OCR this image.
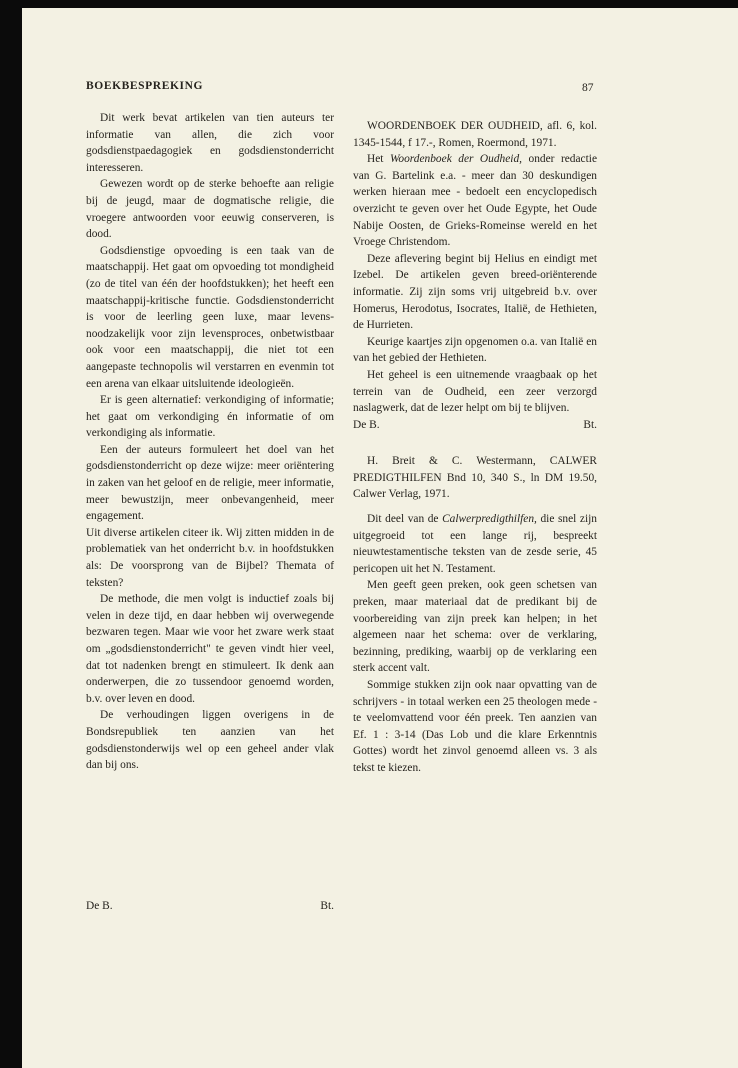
BOEKBESPREKING	87

Dit werk bevat artikelen van tien auteurs ter informatie van allen, die zich voor godsdienstpaedagogiek en godsdienstonderricht interesseren.

Gewezen wordt op de sterke behoefte aan religie bij de jeugd, maar de dogmatische religie, die vroegere antwoorden voor eeuwig conserveren, is dood.

Godsdienstige opvoeding is een taak van de maatschappij. Het gaat om opvoeding tot mondigheid (zo de titel van één der hoofdstukken); het heeft een maatschappij-kritische functie. Godsdienstonderricht is voor de leerling geen luxe, maar levensnoodzakelijk voor zijn levensproces, onbetwistbaar ook voor een maatschappij, die niet tot een aangepaste technopolis wil verstarren en evenmin tot een arena van elkaar uitsluitende ideologieën.

Er is geen alternatief: verkondiging of informatie; het gaat om verkondiging én informatie of om verkondiging als informatie.

Een der auteurs formuleert het doel van het godsdienstonderricht op deze wijze: meer oriëntering in zaken van het geloof en de religie, meer informatie, meer bewustzijn, meer onbevangenheid, meer engagement.

Uit diverse artikelen citeer ik. Wij zitten midden in de problematiek van het onderricht b.v. in hoofdstukken als: De voorsprong van de Bijbel? Themata of teksten?

De methode, die men volgt is inductief zoals bij velen in deze tijd, en daar hebben wij overwegende bezwaren tegen. Maar wie voor het zware werk staat om „godsdienstonderricht" te geven vindt hier veel, dat tot nadenken brengt en stimuleert. Ik denk aan onderwerpen, die zo tussendoor genoemd worden, b.v. over leven en dood.

De verhoudingen liggen overigens in de Bondsrepubliek ten aanzien van het godsdienstonderwijs wel op een geheel ander vlak dan bij ons.

De B.	Bt.

WOORDENBOEK DER OUDHEID, afl. 6, kol. 1345-1544, f 17.-, Romen, Roermond, 1971.

Het Woordenboek der Oudheid, onder redactie van G. Bartelink e.a. - meer dan 30 deskundigen werken hieraan mee - bedoelt een encyclopedisch overzicht te geven over het Oude Egypte, het Oude Nabije Oosten, de Grieks-Romeinse wereld en het Vroege Christendom.

Deze aflevering begint bij Helius en eindigt met Izebel. De artikelen geven breed-oriënterende informatie. Zij zijn soms vrij uitgebreid b.v. over Homerus, Herodotus, Isocrates, Italië, de Hethieten, de Hurrieten.

Keurige kaartjes zijn opgenomen o.a. van Italië en van het gebied der Hethieten.

Het geheel is een uitnemende vraagbaak op het terrein van de Oudheid, een zeer verzorgd naslagwerk, dat de lezer helpt om bij te blijven.

De B.	Bt.

H. Breit & C. Westermann, CALWER PREDIGTHILFEN Bnd 10, 340 S., ln DM 19.50, Calwer Verlag, 1971.

Dit deel van de Calwerpredigthilfen, die snel zijn uitgegroeid tot een lange rij, bespreekt nieuwtestamentische teksten van de zesde serie, 45 pericopen uit het N. Testament.

Men geeft geen preken, ook geen schetsen van preken, maar materiaal dat de predikant bij de voorbereiding van zijn preek kan helpen; in het algemeen naar het schema: over de verklaring, bezinning, prediking, waarbij op de verklaring een sterk accent valt.

Sommige stukken zijn ook naar opvatting van de schrijvers - in totaal werken een 25 theologen mede - te veelomvattend voor één preek. Ten aanzien van Ef. 1 : 3-14 (Das Lob und die klare Erkenntnis Gottes) wordt het zinvol genoemd alleen vs. 3 als tekst te kiezen.
